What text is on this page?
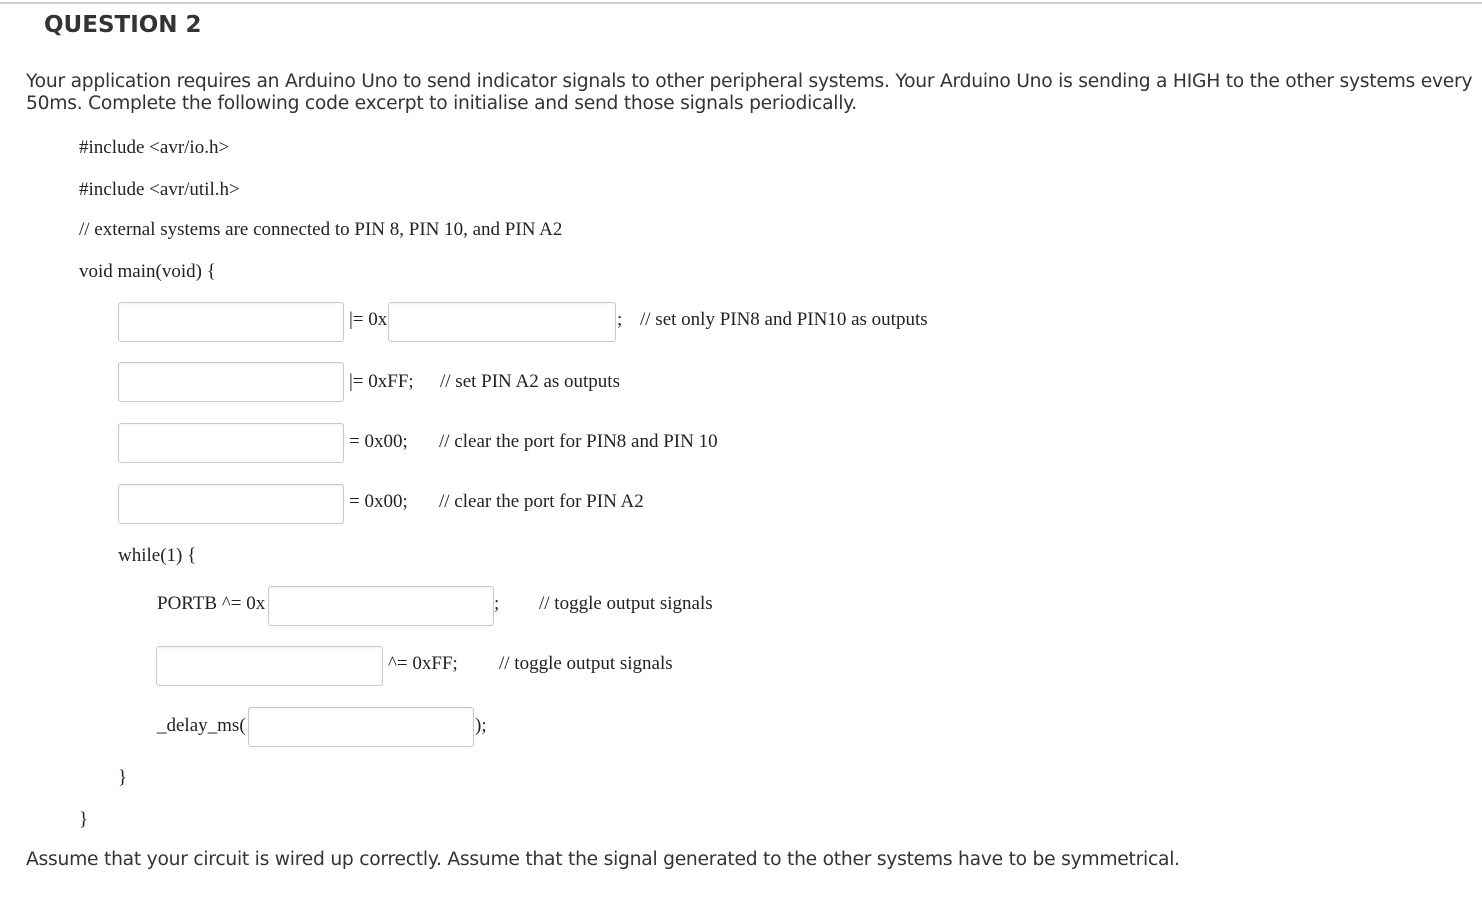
QUESTION 2
Your application requires an Arduino Uno to send indicator signals to other peripheral systems. Your Arduino Uno is sending a HIGH to the other systems every
50ms. Complete the following code excerpt to initialise and send those signals periodically.
#include <avr/io.h>
#include <avr/util.h>
// external systems are connected to PIN 8, PIN 10, and PIN A2
void main(void) {
|= 0x	; // set only PIN8 and PIN10 as outputs
|= 0xFF; // set PIN A2 as outputs
= 0x00; // clear the port for PIN8 and PIN 10
= 0x00; // clear the port for PIN A2
while(1) {
PORTB ^= 0x	; // toggle output signals
^= 0xFF; // toggle output signals
_delay_ms(	);
}
}
Assume that your circuit is wired up correctly. Assume that the signal generated to the other systems have to be symmetrical.
